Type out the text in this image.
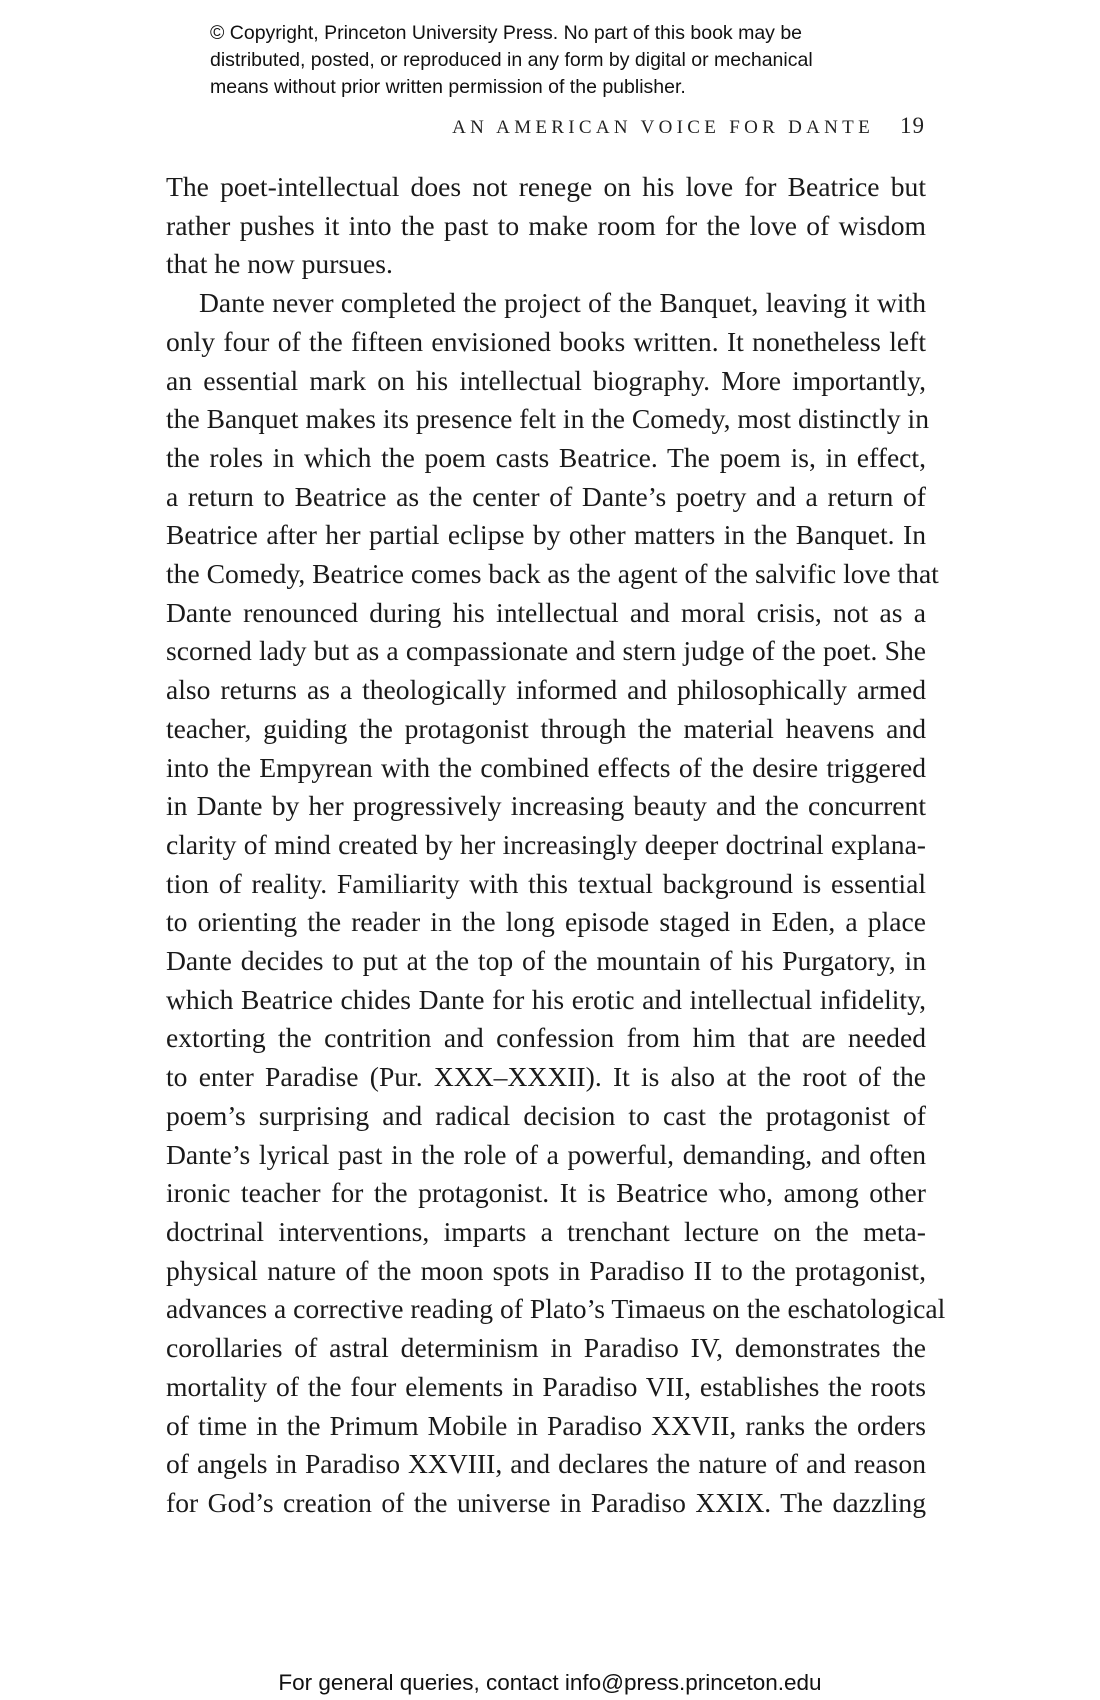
© Copyright, Princeton University Press. No part of this book may be
distributed, posted, or reproduced in any form by digital or mechanical
means without prior written permission of the publisher.
AN AMERICAN VOICE FOR DANTE 19
The poet-intellectual does not renege on his love for Beatrice but
rather pushes it into the past to make room for the love of wisdom
that he now pursues.
Dante never completed the project of the Banquet, leaving it with
only four of the fifteen envisioned books written. It nonetheless left
an essential mark on his intellectual biography. More importantly,
the Banquet makes its presence felt in the Comedy, most distinctly in
the roles in which the poem casts Beatrice. The poem is, in effect,
a return to Beatrice as the center of Dante’s poetry and a return of
Beatrice after her partial eclipse by other matters in the Banquet. In
the Comedy, Beatrice comes back as the agent of the salvific love that
Dante renounced during his intellectual and moral crisis, not as a
scorned lady but as a compassionate and stern judge of the poet. She
also returns as a theologically informed and philosophically armed
teacher, guiding the protagonist through the material heavens and
into the Empyrean with the combined effects of the desire triggered
in Dante by her progressively increasing beauty and the concurrent
clarity of mind created by her increasingly deeper doctrinal explana-
tion of reality. Familiarity with this textual background is essential
to orienting the reader in the long episode staged in Eden, a place
Dante decides to put at the top of the mountain of his Purgatory, in
which Beatrice chides Dante for his erotic and intellectual infidelity,
extorting the contrition and confession from him that are needed
to enter Paradise (Pur. XXX–XXXII). It is also at the root of the
poem’s surprising and radical decision to cast the protagonist of
Dante’s lyrical past in the role of a powerful, demanding, and often
ironic teacher for the protagonist. It is Beatrice who, among other
doctrinal interventions, imparts a trenchant lecture on the meta-
physical nature of the moon spots in Paradiso II to the protagonist,
advances a corrective reading of Plato’s Timaeus on the eschatological
corollaries of astral determinism in Paradiso IV, demonstrates the
mortality of the four elements in Paradiso VII, establishes the roots
of time in the Primum Mobile in Paradiso XXVII, ranks the orders
of angels in Paradiso XXVIII, and declares the nature of and reason
for God’s creation of the universe in Paradiso XXIX. The dazzling
For general queries, contact info@press.princeton.edu
